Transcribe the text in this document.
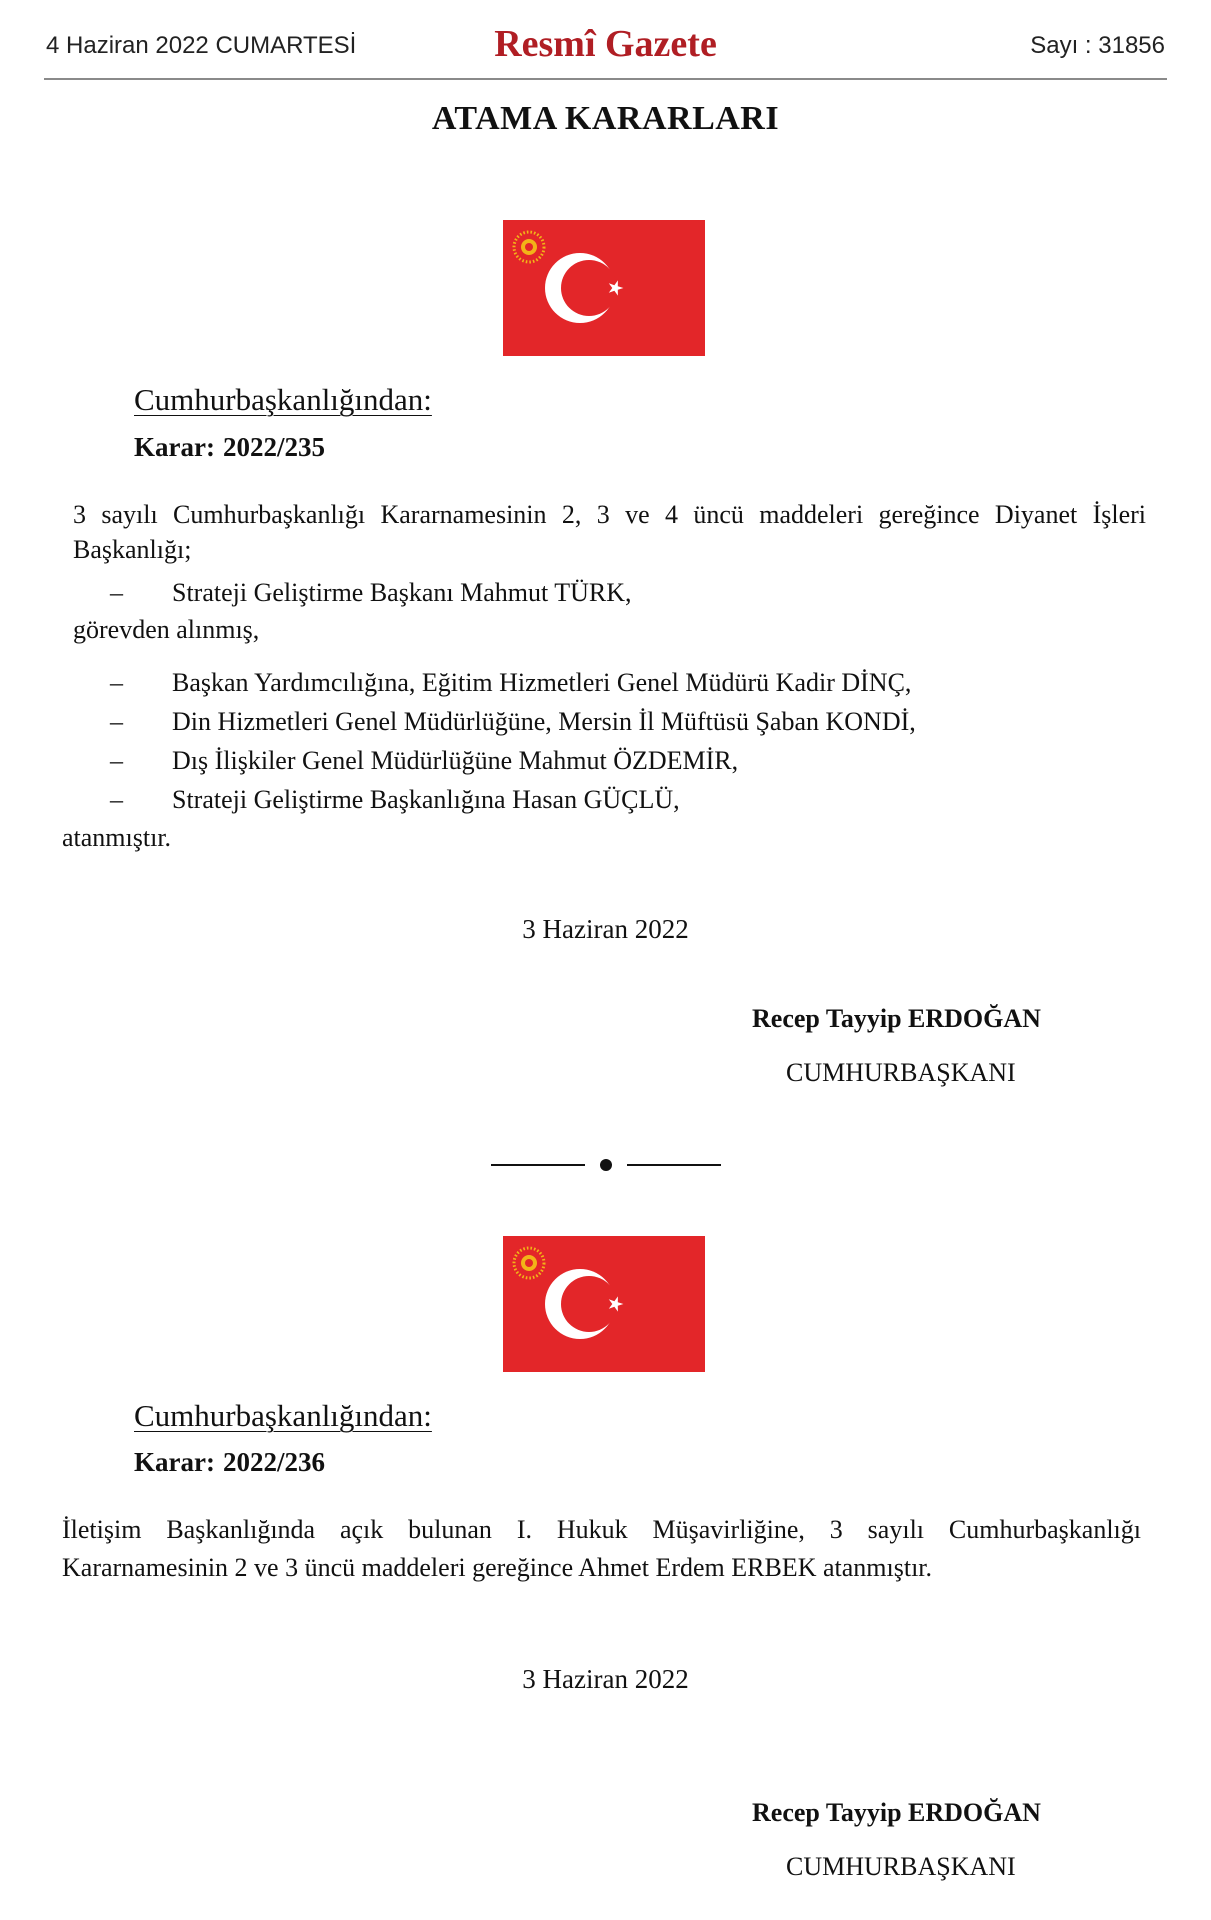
4 Haziran 2022 CUMARTESİ	Resmî Gazete	Sayı : 31856
ATAMA KARARLARI
Cumhurbaşkanlığından:
Karar: 2022/235
3 sayılı Cumhurbaşkanlığı Kararnamesinin 2, 3 ve 4 üncü maddeleri gereğince Diyanet İşleri
Başkanlığı;
– Strateji Geliştirme Başkanı Mahmut TÜRK,
görevden alınmış,
– Başkan Yardımcılığına, Eğitim Hizmetleri Genel Müdürü Kadir DİNÇ,
– Din Hizmetleri Genel Müdürlüğüne, Mersin İl Müftüsü Şaban KONDİ,
– Dış İlişkiler Genel Müdürlüğüne Mahmut ÖZDEMİR,
– Strateji Geliştirme Başkanlığına Hasan GÜÇLÜ,
atanmıştır.
3 Haziran 2022
Recep Tayyip ERDOĞAN
CUMHURBAŞKANI
Cumhurbaşkanlığından:
Karar: 2022/236
İletişim Başkanlığında açık bulunan I. Hukuk Müşavirliğine, 3 sayılı Cumhurbaşkanlığı
Kararnamesinin 2 ve 3 üncü maddeleri gereğince Ahmet Erdem ERBEK atanmıştır.
3 Haziran 2022
Recep Tayyip ERDOĞAN
CUMHURBAŞKANI
